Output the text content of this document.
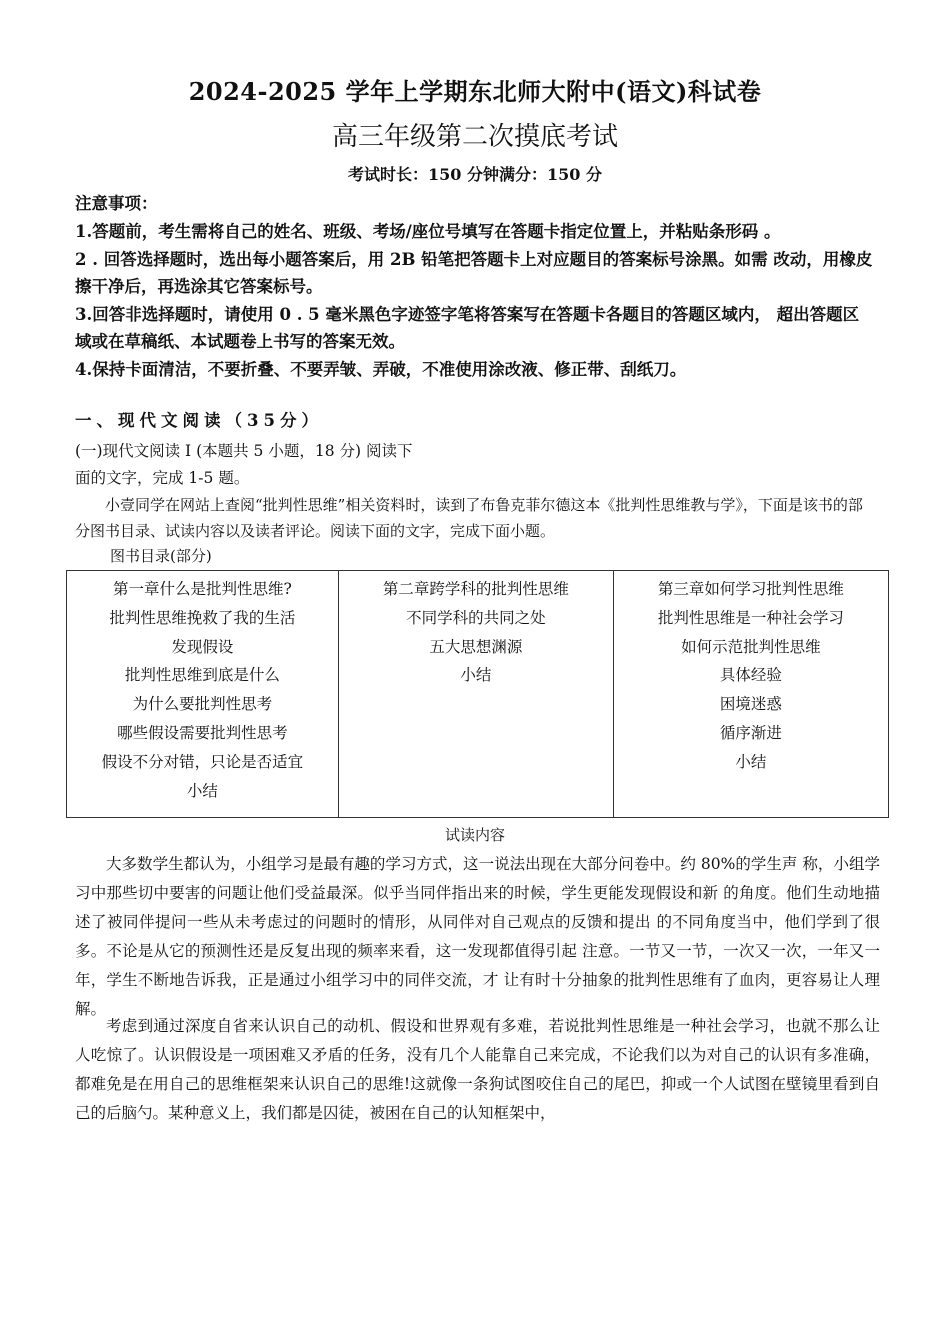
2024-2025 学年上学期东北师大附中(语文)科试卷
高三年级第二次摸底考试
考试时长：150 分钟满分：150 分

注意事项：

1.答题前，考生需将自己的姓名、班级、考场/座位号填写在答题卡指定位置上，并粘贴条形码 。

2 . 回答选择题时，选出每小题答案后，用 2B 铅笔把答题卡上对应题目的答案标号涂黑。如需 改动，用橡皮擦干净后，再选涂其它答案标号。

3.回答非选择题时，请使用 0 . 5 毫米黑色字迹签字笔将答案写在答题卡各题目的答题区域内， 超出答题区域或在草稿纸、本试题卷上书写的答案无效。

4.保持卡面清洁，不要折叠、不要弄皱、弄破，不准使用涂改液、修正带、刮纸刀。

一、现代文阅读（35分）
(一)现代文阅读 I (本题共 5 小题，18 分) 阅读下面的文字，完成 1-5 题。
小壹同学在网站上查阅“批判性思维”相关资料时，读到了布鲁克菲尔德这本《批判性思维教与学》，下面是该书的部分图书目录、试读内容以及读者评论。阅读下面的文字，完成下面小题。
图书目录(部分)
第一章什么是批判性思维?
批判性思维挽救了我的生活
发现假设
批判性思维到底是什么
为什么要批判性思考
哪些假设需要批判性思考
假设不分对错，只论是否适宜
小结

第二章跨学科的批判性思维
不同学科的共同之处
五大思想渊源
小结

第三章如何学习批判性思维
批判性思维是一种社会学习
如何示范批判性思维
具体经验
困境迷惑
循序渐进
小结
试读内容

大多数学生都认为，小组学习是最有趣的学习方式，这一说法出现在大部分问卷中。约 80%的学生声 称，小组学习中那些切中要害的问题让他们受益最深。似乎当同伴指出来的时候，学生更能发现假设和新 的角度。他们生动地描述了被同伴提问一些从未考虑过的问题时的情形，从同伴对自己观点的反馈和提出 的不同角度当中，他们学到了很多。不论是从它的预测性还是反复出现的频率来看，这一发现都值得引起 注意。一节又一节，一次又一次，一年又一年，学生不断地告诉我，正是通过小组学习中的同伴交流，才 让有时十分抽象的批判性思维有了血肉，更容易让人理解。

考虑到通过深度自省来认识自己的动机、假设和世界观有多难，若说批判性思维是一种社会学习，也就不那么让人吃惊了。认识假设是一项困难又矛盾的任务，没有几个人能靠自己来完成，不论我们以为对自己的认识有多准确，都难免是在用自己的思维框架来认识自己的思维!这就像一条狗试图咬住自己的尾巴，抑或一个人试图在壁镜里看到自己的后脑勺。某种意义上，我们都是囚徒，被困在自己的认知框架中，
